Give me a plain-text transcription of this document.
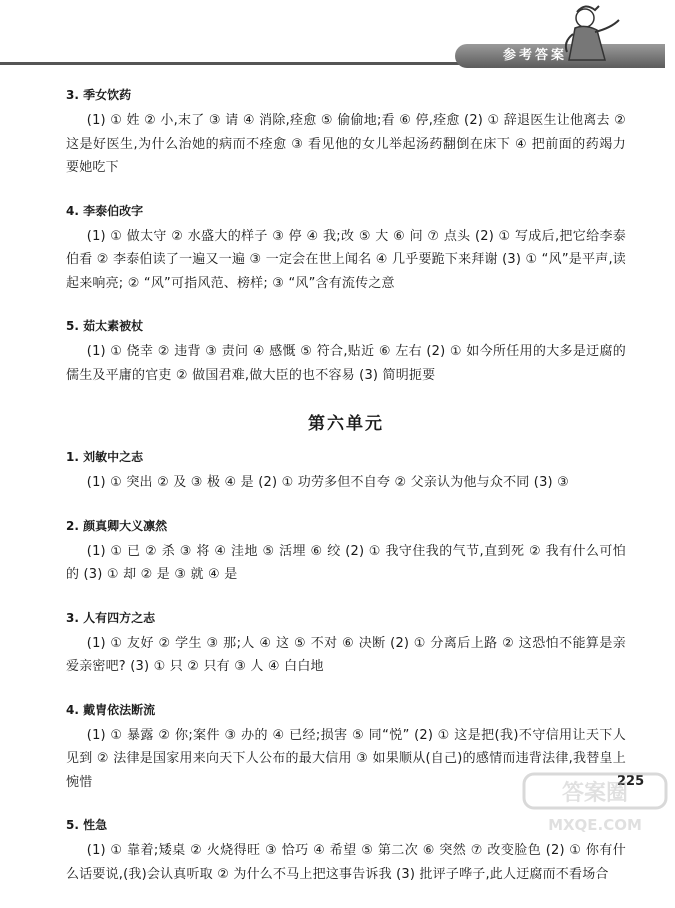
参考答案
3. 季女饮药
(1) ① 姓 ② 小,末了 ③ 请 ④ 消除,痊愈 ⑤ 偷偷地;看 ⑥ 停,痊愈 (2) ① 辞退医生让他离去 ② 这是好医生,为什么治她的病而不痊愈 ③ 看见他的女儿举起汤药翻倒在床下 ④ 把前面的药竭力要她吃下
4. 李泰伯改字
(1) ① 做太守 ② 水盛大的样子 ③ 停 ④ 我;改 ⑤ 大 ⑥ 问 ⑦ 点头 (2) ① 写成后,把它给李泰伯看 ② 李泰伯读了一遍又一遍 ③ 一定会在世上闻名 ④ 几乎要跪下来拜谢 (3) ① “风”是平声,读起来响亮; ② “风”可指风范、榜样; ③ “风”含有流传之意
5. 茹太素被杖
(1) ① 侥幸 ② 违背 ③ 责问 ④ 感慨 ⑤ 符合,贴近 ⑥ 左右 (2) ① 如今所任用的大多是迂腐的儒生及平庸的官吏 ② 做国君难,做大臣的也不容易 (3) 简明扼要
第六单元
1. 刘敏中之志
(1) ① 突出 ② 及 ③ 极 ④ 是 (2) ① 功劳多但不自夸 ② 父亲认为他与众不同 (3) ③
2. 颜真卿大义凛然
(1) ① 已 ② 杀 ③ 将 ④ 洼地 ⑤ 活埋 ⑥ 绞 (2) ① 我守住我的气节,直到死 ② 我有什么可怕的 (3) ① 却 ② 是 ③ 就 ④ 是
3. 人有四方之志
(1) ① 友好 ② 学生 ③ 那;人 ④ 这 ⑤ 不对 ⑥ 决断 (2) ① 分离后上路 ② 这恐怕不能算是亲爱亲密吧? (3) ① 只 ② 只有 ③ 人 ④ 白白地
4. 戴胄依法断流
(1) ① 暴露 ② 你;案件 ③ 办的 ④ 已经;损害 ⑤ 同“悦” (2) ① 这是把(我)不守信用让天下人见到 ② 法律是国家用来向天下人公布的最大信用 ③ 如果顺从(自己)的感情而违背法律,我替皇上惋惜
5. 性急
(1) ① 靠着;矮桌 ② 火烧得旺 ③ 恰巧 ④ 希望 ⑤ 第二次 ⑥ 突然 ⑦ 改变脸色 (2) ① 你有什么话要说,(我)会认真听取 ② 为什么不马上把这事告诉我 (3) 批评子哗子,此人迂腐而不看场合
225
答案圈
MXQE.COM
